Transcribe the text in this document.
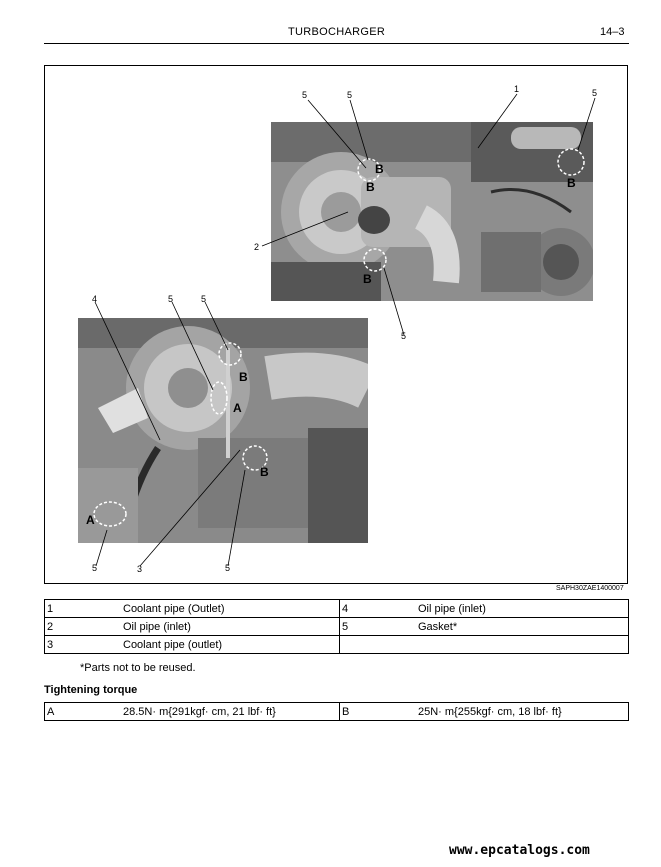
TURBOCHARGER	14–3
5	5
1	5
2
5
B
B	B
B
4	5	5
5	3	5
B
A
B
A
SAPH30ZAE1400007
1	Coolant pipe (Outlet)	4	Oil pipe (inlet)
2	Oil pipe (inlet)	5	Gasket*
3	Coolant pipe (outlet)		
*Parts not to be reused.
Tightening torque
A	28.5N· m{291kgf· cm, 21 lbf· ft}	B	25N· m{255kgf· cm, 18 lbf· ft}
www.epcatalogs.com
